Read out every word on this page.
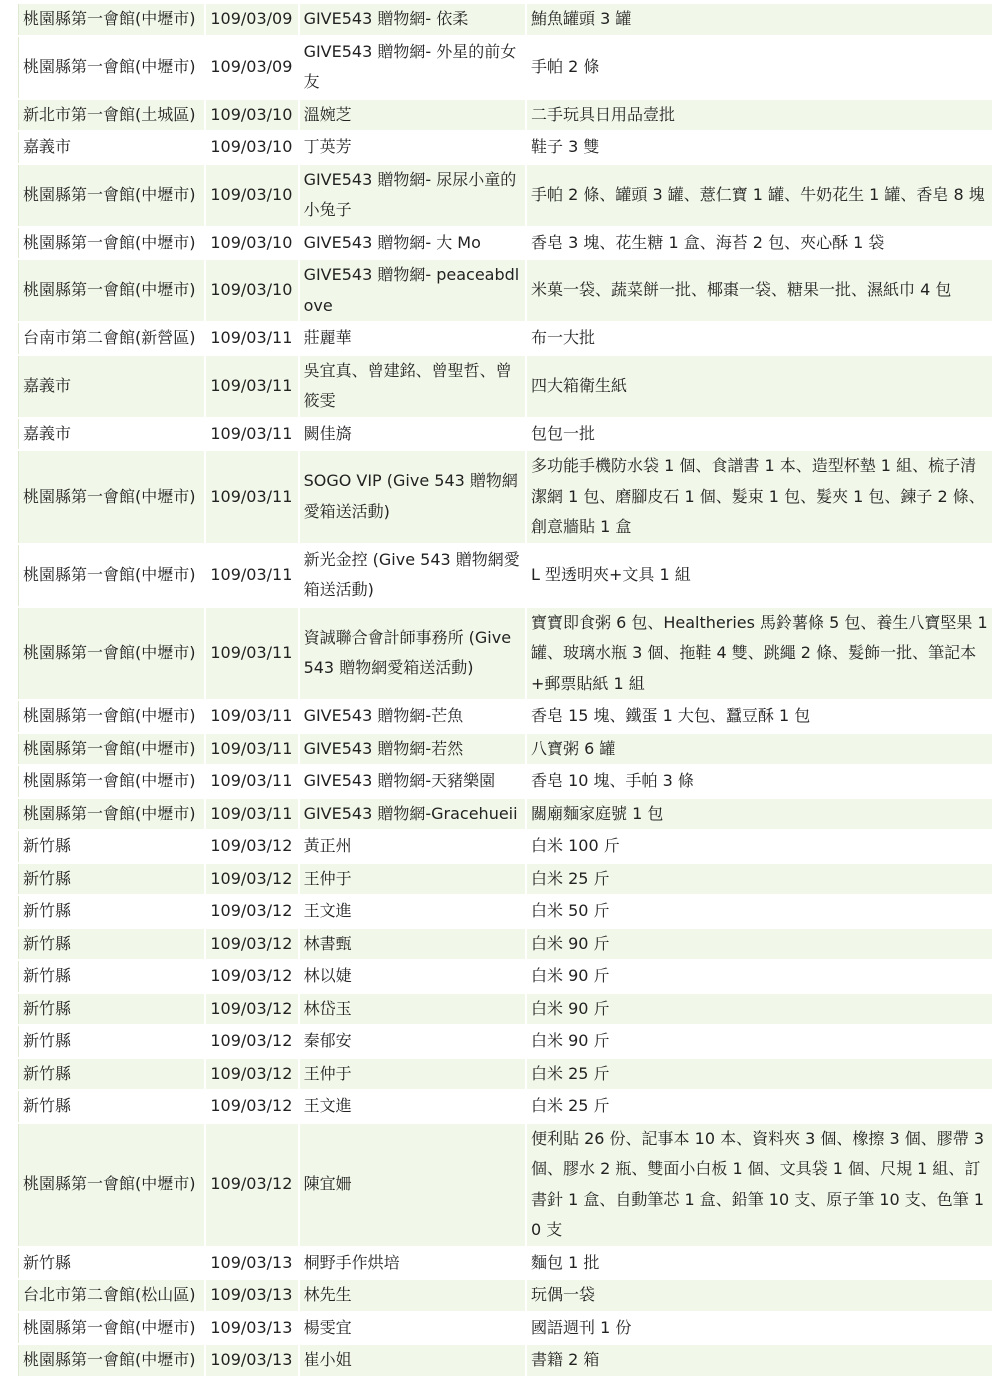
桃園縣第一會館(中壢市)	109/03/09	GIVE543 贈物網- 依柔	鮪魚罐頭 3 罐
桃園縣第一會館(中壢市)	109/03/09	GIVE543 贈物網- 外星的前女友	手帕 2 條
新北市第一會館(土城區)	109/03/10	溫婉芝	二手玩具日用品壹批
嘉義市	109/03/10	丁英芳	鞋子 3 雙
桃園縣第一會館(中壢市)	109/03/10	GIVE543 贈物網- 尿尿小童的小兔子	手帕 2 條、罐頭 3 罐、薏仁寶 1 罐、牛奶花生 1 罐、香皂 8 塊
桃園縣第一會館(中壢市)	109/03/10	GIVE543 贈物網- 大 Mo	香皂 3 塊、花生糖 1 盒、海苔 2 包、夾心酥 1 袋
桃園縣第一會館(中壢市)	109/03/10	GIVE543 贈物網- peaceabdlove	米菓一袋、蔬菜餅一批、椰棗一袋、糖果一批、濕紙巾 4 包
台南市第二會館(新營區)	109/03/11	莊麗華	布一大批
嘉義市	109/03/11	吳宜真、曾建銘、曾聖哲、曾筱雯	四大箱衛生紙
嘉義市	109/03/11	闕佳旖	包包一批
桃園縣第一會館(中壢市)	109/03/11	SOGO VIP (Give 543 贈物網愛箱送活動)	多功能手機防水袋 1 個、食譜書 1 本、造型杯墊 1 組、梳子清潔網 1 包、磨腳皮石 1 個、髮束 1 包、髮夾 1 包、鍊子 2 條、創意牆貼 1 盒
桃園縣第一會館(中壢市)	109/03/11	新光金控 (Give 543 贈物網愛箱送活動)	L 型透明夾+文具 1 組
桃園縣第一會館(中壢市)	109/03/11	資誠聯合會計師事務所 (Give 543 贈物網愛箱送活動)	寶寶即食粥 6 包、Healtheries 馬鈴薯條 5 包、養生八寶堅果 1 罐、玻璃水瓶 3 個、拖鞋 4 雙、跳繩 2 條、髮飾一批、筆記本+郵票貼紙 1 組
桃園縣第一會館(中壢市)	109/03/11	GIVE543 贈物網-芒魚	香皂 15 塊、鐵蛋 1 大包、蠶豆酥 1 包
桃園縣第一會館(中壢市)	109/03/11	GIVE543 贈物網-若然	八寶粥 6 罐
桃園縣第一會館(中壢市)	109/03/11	GIVE543 贈物網-天豬樂園	香皂 10 塊、手帕 3 條
桃園縣第一會館(中壢市)	109/03/11	GIVE543 贈物網-Gracehueii	關廟麵家庭號 1 包
新竹縣	109/03/12	黃正州	白米 100 斤
新竹縣	109/03/12	王仲于	白米 25 斤
新竹縣	109/03/12	王文進	白米 50 斤
新竹縣	109/03/12	林書甄	白米 90 斤
新竹縣	109/03/12	林以婕	白米 90 斤
新竹縣	109/03/12	林岱玉	白米 90 斤
新竹縣	109/03/12	秦郁安	白米 90 斤
新竹縣	109/03/12	王仲于	白米 25 斤
新竹縣	109/03/12	王文進	白米 25 斤
桃園縣第一會館(中壢市)	109/03/12	陳宜姍	便利貼 26 份、記事本 10 本、資料夾 3 個、橡擦 3 個、膠帶 3 個、膠水 2 瓶、雙面小白板 1 個、文具袋 1 個、尺規 1 組、訂書針 1 盒、自動筆芯 1 盒、鉛筆 10 支、原子筆 10 支、色筆 10 支
新竹縣	109/03/13	桐野手作烘培	麵包 1 批
台北市第二會館(松山區)	109/03/13	林先生	玩偶一袋
桃園縣第一會館(中壢市)	109/03/13	楊雯宜	國語週刊 1 份
桃園縣第一會館(中壢市)	109/03/13	崔小姐	書籍 2 箱
